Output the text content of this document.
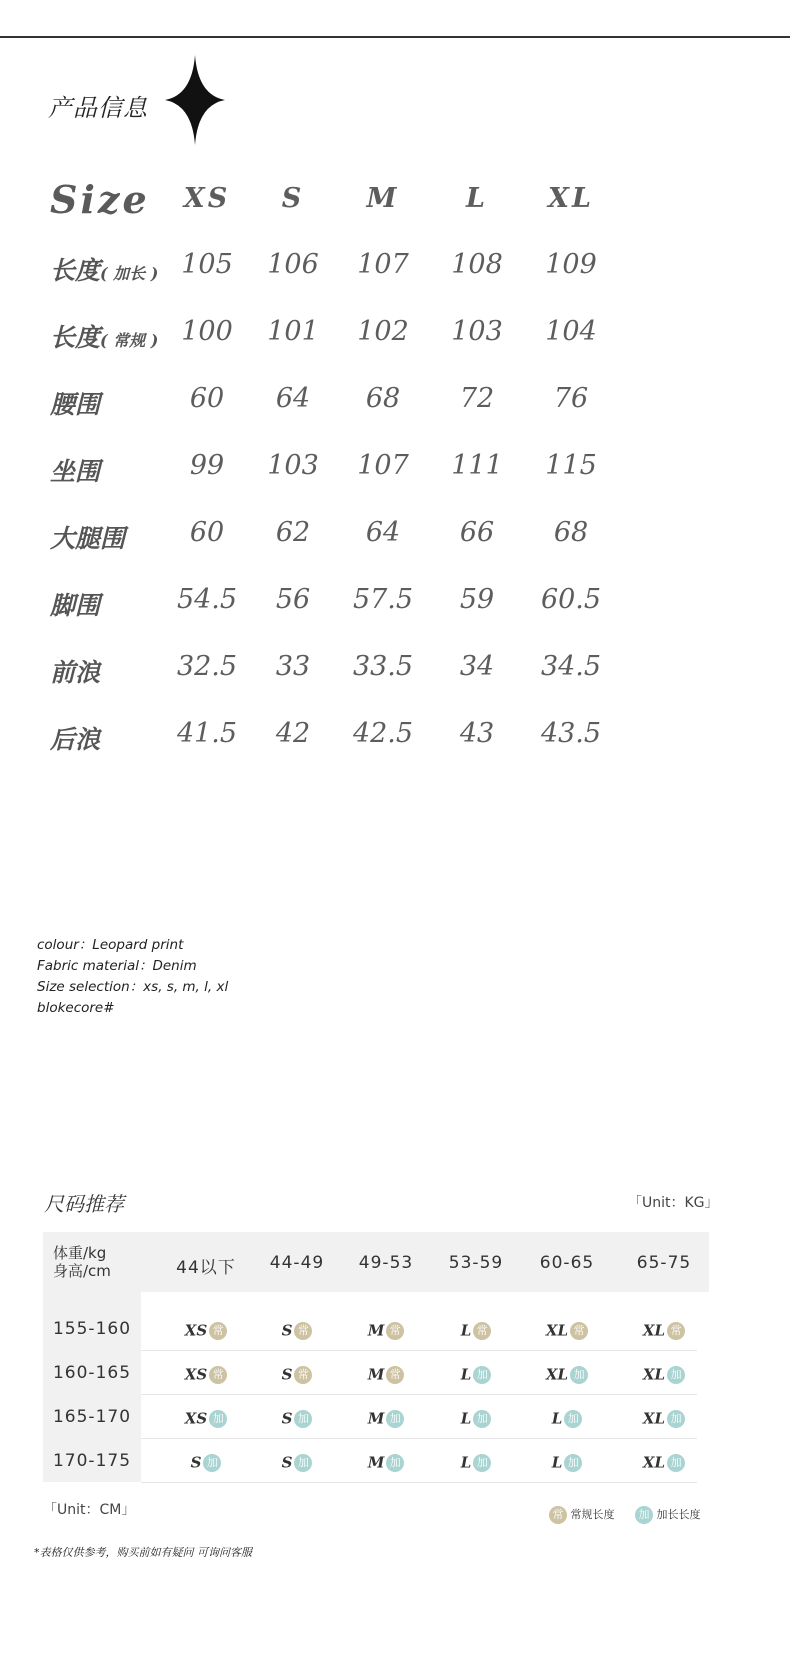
产品信息
Size	XS	S	M	L	XL
长度( 加长 ) 105	106	107	108	109
长度( 常规 ) 100	101	102	103	104
腰围	60	64	68	72	76
坐围	99	103	107	111	115
大腿围	60	62	64	66	68
脚围	54.5	56	57.5	59	60.5
前浪	32.5	33	33.5	34	34.5
后浪	41.5	42	42.5	43	43.5
colour：Leopard print
Fabric material：Denim
Size selection：xs, s, m, l, xl
blokecore#
尺码推荐	「Unit：KG」
体重/kg
身高/cm	44以下	44-49	49-53	53-59	60-65	65-75
155-160	XS 常	S 常	M 常	L 常	XL 常	XL 常
160-165	XS 常	S 常	M 常	L 加	XL 加	XL 加
165-170	XS 加	S 加	M 加	L 加	L 加	XL 加
170-175	S 加	S 加	M 加	L 加	L 加	XL 加
「Unit：CM」	常 常规长度	加 加长长度
*表格仅供参考，购买前如有疑问 可询问客服
